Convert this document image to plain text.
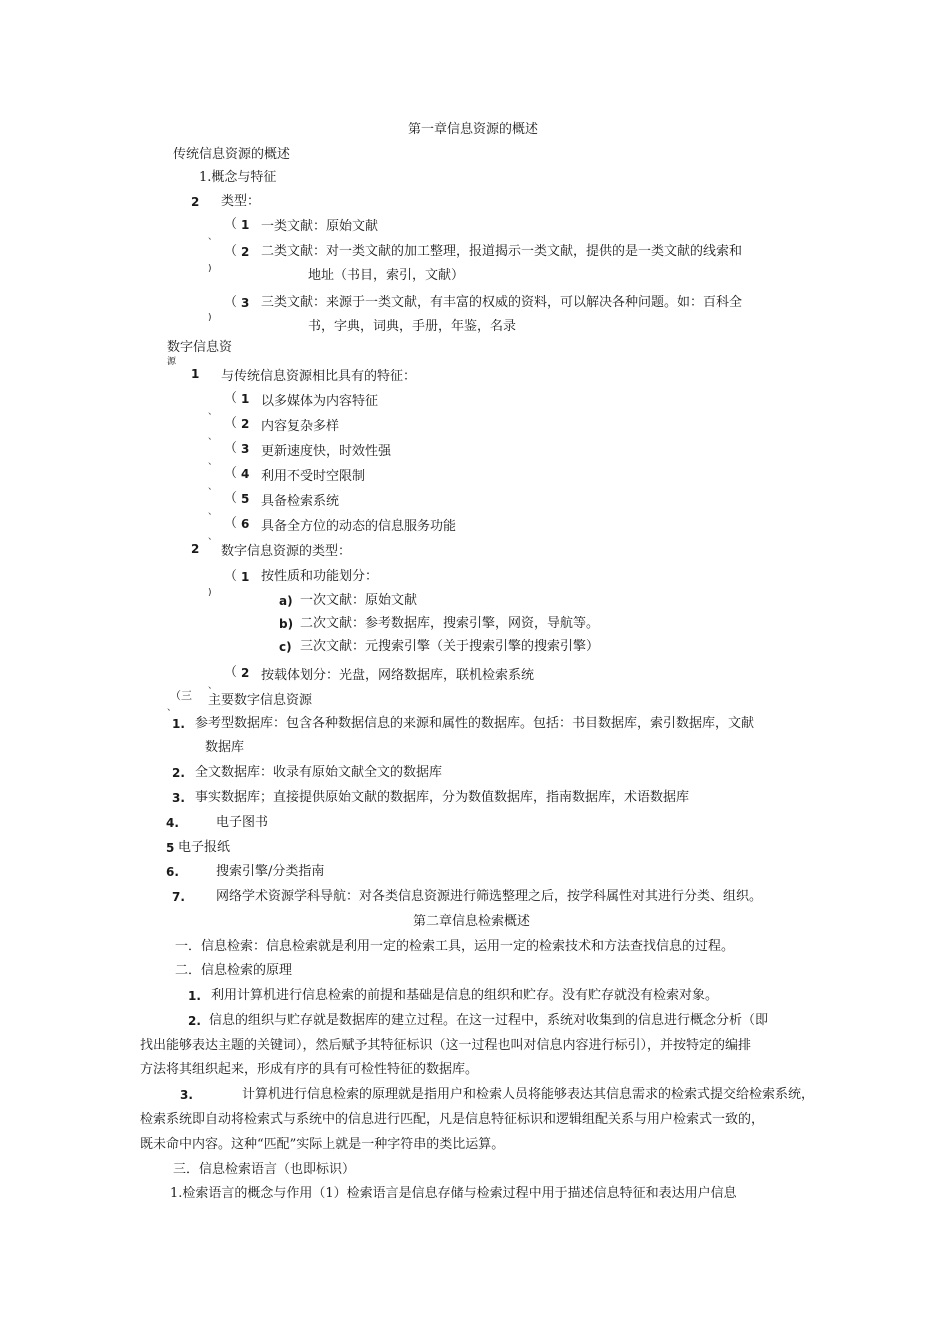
第一章信息资源的概述
传统信息资源的概述
1.概念与特征
2 类型：
（
、
1 一类文献：原始文献
（
)
2 二类文献：对一类文献的加工整理，报道揭示一类文献，提供的是一类文献的线索和
地址（书目，索引，文献）
（
)
3 三类文献：来源于一类文献，有丰富的权威的资料，可以解决各种问题。如：百科全
书，字典，词典，手册，年鉴，名录
数字信息资
源
1 与传统信息资源相比具有的特征：
（
、
1 以多媒体为内容特征
（
、
2 内容复杂多样
（
、
3 更新速度快，时效性强
（
、
4 利用不受时空限制
（
、
5 具备检索系统
（
、
6 具备全方位的动态的信息服务功能
2 数字信息资源的类型：
（
)
1 按性质和功能划分：
a) 一次文献：原始文献
b) 二次文献：参考数据库，搜索引擎，网资，导航等。
c) 三次文献：元搜索引擎（关于搜索引擎的搜索引擎）
（
、
2 按载体划分：光盘，网络数据库，联机检索系统
（三
、 主要数字信息资源
1. 参考型数据库：包含各种数据信息的来源和属性的数据库。包括：书目数据库，索引数据库，文献
数据库
2. 全文数据库：收录有原始文献全文的数据库
3. 事实数据库；直接提供原始文献的数据库，分为数值数据库，指南数据库，术语数据库
4.	电子图书
5 电子报纸
6.	搜索引擎/分类指南
7. 网络学术资源学科导航：对各类信息资源进行筛选整理之后，按学科属性对其进行分类、组织。
第二章信息检索概述
一．信息检索：信息检索就是利用一定的检索工具，运用一定的检索技术和方法查找信息的过程。
二．信息检索的原理
1. 利用计算机进行信息检索的前提和基础是信息的组织和贮存。没有贮存就没有检索对象。
2. 信息的组织与贮存就是数据库的建立过程。在这一过程中，系统对收集到的信息进行概念分析（即
找出能够表达主题的关键词），然后赋予其特征标识（这一过程也叫对信息内容进行标引），并按特定的编排
方法将其组织起来，形成有序的具有可检性特征的数据库。
3.	计算机进行信息检索的原理就是指用户和检索人员将能够表达其信息需求的检索式提交给检索系统，
检索系统即自动将检索式与系统中的信息进行匹配，凡是信息特征标识和逻辑组配关系与用户检索式一致的，
既未命中内容。这种“匹配”实际上就是一种字符串的类比运算。
三．信息检索语言（也即标识）
1.检索语言的概念与作用（1）检索语言是信息存储与检索过程中用于描述信息特征和表达用户信息
